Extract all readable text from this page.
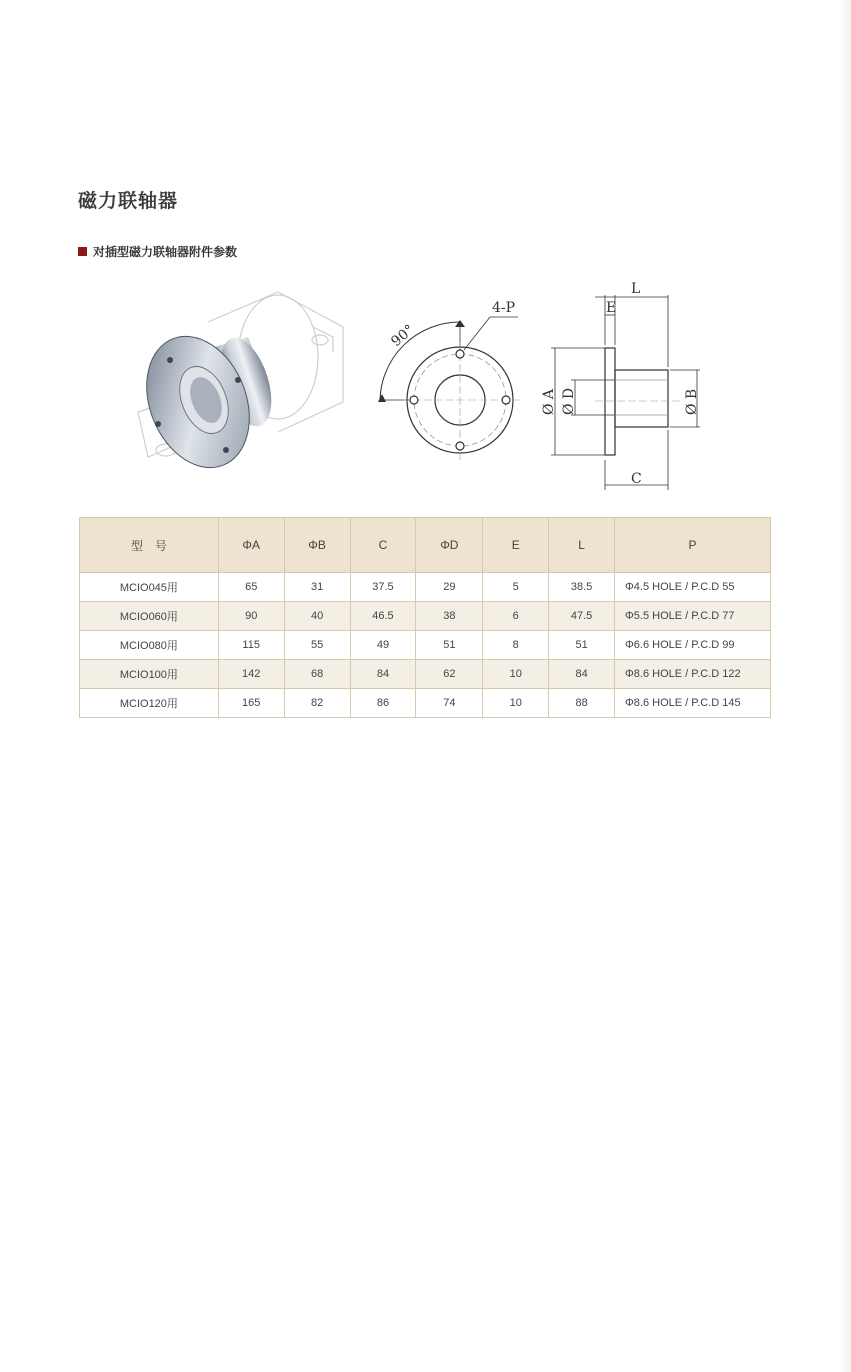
磁力联轴器
对插型磁力联轴器附件参数
90°
4-P
L
E
Ø A Ø D	Ø B
C
型　号	ΦA	ΦB	C	ΦD	E	L	P
MCIO045用	65	31	37.5	29	5	38.5	Φ4.5 HOLE / P.C.D 55
MCIO060用	90	40	46.5	38	6	47.5	Φ5.5 HOLE / P.C.D 77
MCIO080用	115	55	49	51	8	51	Φ6.6 HOLE / P.C.D 99
MCIO100用	142	68	84	62	10	84	Φ8.6 HOLE / P.C.D 122
MCIO120用	165	82	86	74	10	88	Φ8.6 HOLE / P.C.D 145
